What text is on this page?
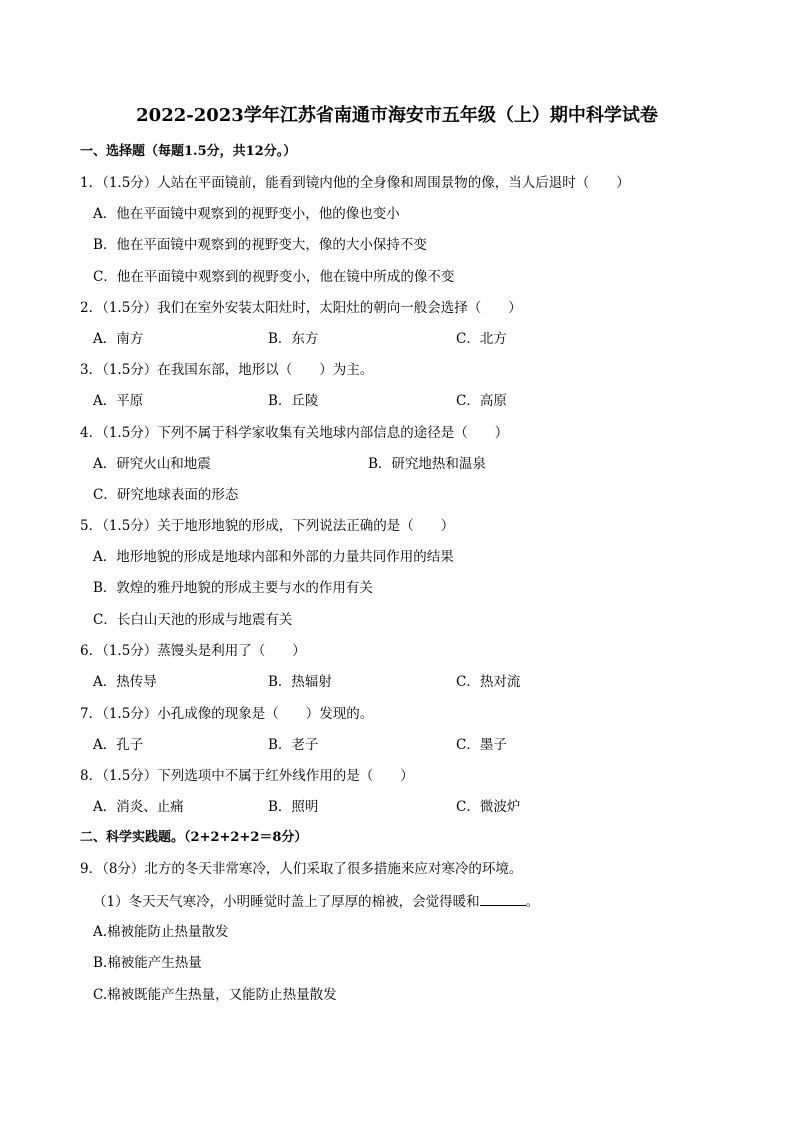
2022-2023学年江苏省南通市海安市五年级（上）期中科学试卷
一、选择题（每题1.5分，共12分。）
1．（1.5分）人站在平面镜前，能看到镜内他的全身像和周围景物的像，当人后退时（　　）
A．他在平面镜中观察到的视野变小，他的像也变小
B．他在平面镜中观察到的视野变大，像的大小保持不变
C．他在平面镜中观察到的视野变小，他在镜中所成的像不变
2．（1.5分）我们在室外安装太阳灶时，太阳灶的朝向一般会选择（　　）
A．南方	B．东方	C．北方
3．（1.5分）在我国东部，地形以（　　）为主。
A．平原	B．丘陵	C．高原
4．（1.5分）下列不属于科学家收集有关地球内部信息的途径是（　　）
A．研究火山和地震	B．研究地热和温泉
C．研究地球表面的形态
5．（1.5分）关于地形地貌的形成，下列说法正确的是（　　）
A．地形地貌的形成是地球内部和外部的力量共同作用的结果
B．敦煌的雅丹地貌的形成主要与水的作用有关
C．长白山天池的形成与地震有关
6．（1.5分）蒸馒头是利用了（　　）
A．热传导	B．热辐射	C．热对流
7．（1.5分）小孔成像的现象是（　　）发现的。
A．孔子	B．老子	C．墨子
8．（1.5分）下列选项中不属于红外线作用的是（　　）
A．消炎、止痛	B．照明	C．微波炉
二、科学实践题。（2+2+2+2＝8分）
9．（8分）北方的冬天非常寒冷，人们采取了很多措施来应对寒冷的环境。
（1）冬天天气寒冷，小明睡觉时盖上了厚厚的棉被，会觉得暖和	。
A.棉被能防止热量散发
B.棉被能产生热量
C.棉被既能产生热量，又能防止热量散发
